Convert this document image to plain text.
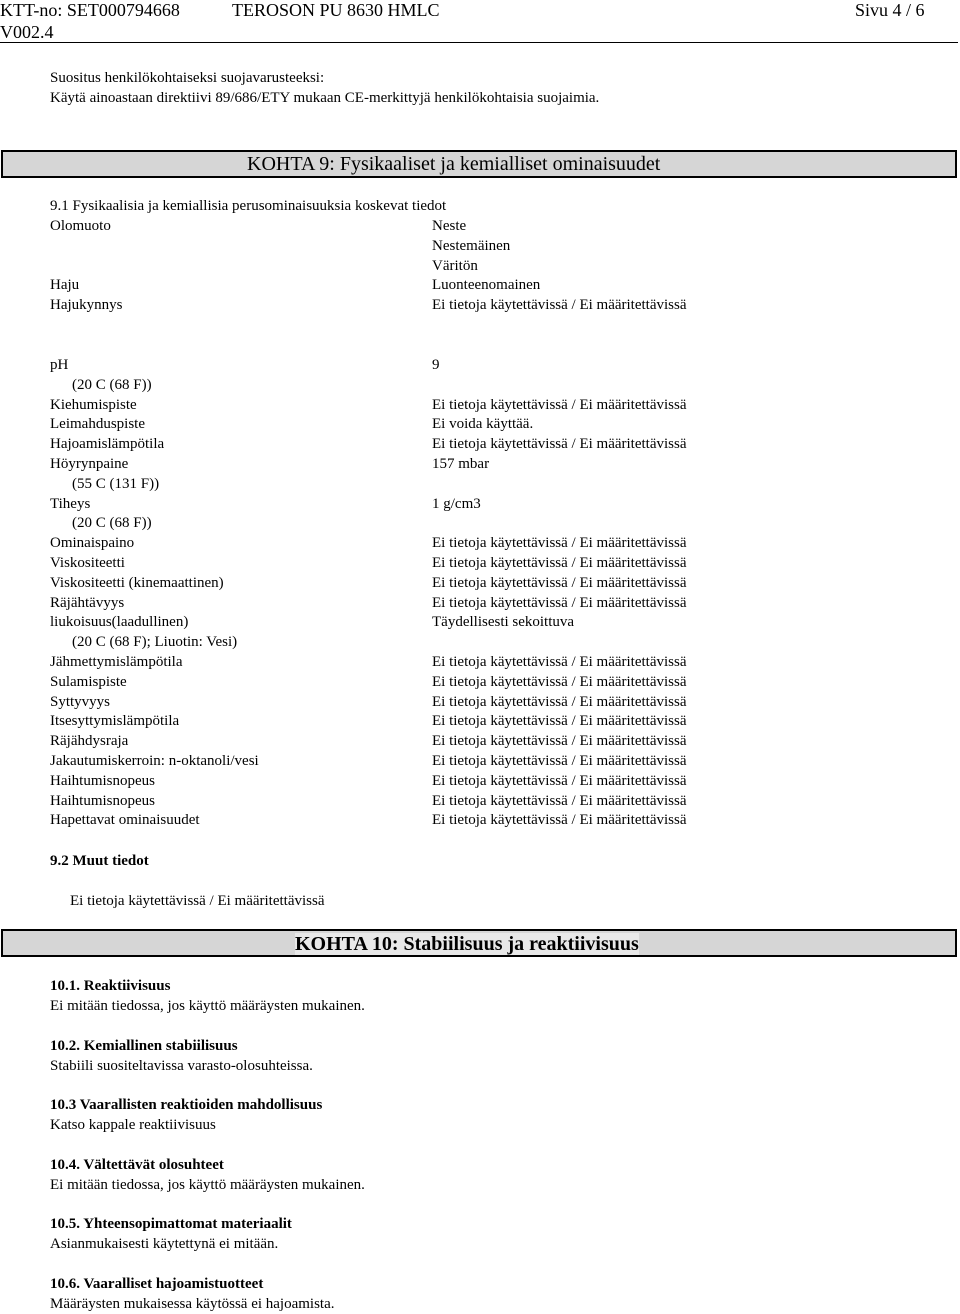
KTT-no: SET000794668	TEROSON PU 8630 HMLC	Sivu 4 / 6
V002.4
Suositus henkilökohtaiseksi suojavarusteeksi:
Käytä ainoastaan direktiivi 89/686/ETY mukaan CE-merkittyjä henkilökohtaisia suojaimia.
KOHTA 9: Fysikaaliset ja kemialliset ominaisuudet
9.1 Fysikaalisia ja kemiallisia perusominaisuuksia koskevat tiedot
Olomuoto	Neste
Nestemäinen
Väritön
Haju	Luonteenomainen
Hajukynnys	Ei tietoja käytettävissä / Ei määritettävissä
pH	9
(20 C (68 F))
Kiehumispiste	Ei tietoja käytettävissä / Ei määritettävissä
Leimahduspiste	Ei voida käyttää.
Hajoamislämpötila	Ei tietoja käytettävissä / Ei määritettävissä
Höyrynpaine	157 mbar
(55 C (131 F))
Tiheys	1 g/cm3
(20 C (68 F))
Ominaispaino	Ei tietoja käytettävissä / Ei määritettävissä
Viskositeetti	Ei tietoja käytettävissä / Ei määritettävissä
Viskositeetti (kinemaattinen)	Ei tietoja käytettävissä / Ei määritettävissä
Räjähtävyys	Ei tietoja käytettävissä / Ei määritettävissä
liukoisuus(laadullinen)	Täydellisesti sekoittuva
(20 C (68 F); Liuotin: Vesi)
Jähmettymislämpötila	Ei tietoja käytettävissä / Ei määritettävissä
Sulamispiste	Ei tietoja käytettävissä / Ei määritettävissä
Syttyvyys	Ei tietoja käytettävissä / Ei määritettävissä
Itsesyttymislämpötila	Ei tietoja käytettävissä / Ei määritettävissä
Räjähdysraja	Ei tietoja käytettävissä / Ei määritettävissä
Jakautumiskerroin: n-oktanoli/vesi	Ei tietoja käytettävissä / Ei määritettävissä
Haihtumisnopeus	Ei tietoja käytettävissä / Ei määritettävissä
Haihtumisnopeus	Ei tietoja käytettävissä / Ei määritettävissä
Hapettavat ominaisuudet	Ei tietoja käytettävissä / Ei määritettävissä
9.2 Muut tiedot
Ei tietoja käytettävissä / Ei määritettävissä
KOHTA 10: Stabiilisuus ja reaktiivisuus
10.1. Reaktiivisuus
Ei mitään tiedossa, jos käyttö määräysten mukainen.
10.2. Kemiallinen stabiilisuus
Stabiili suositeltavissa varasto-olosuhteissa.
10.3 Vaarallisten reaktioiden mahdollisuus
Katso kappale reaktiivisuus
10.4. Vältettävät olosuhteet
Ei mitään tiedossa, jos käyttö määräysten mukainen.
10.5. Yhteensopimattomat materiaalit
Asianmukaisesti käytettynä ei mitään.
10.6. Vaaralliset hajoamistuotteet
Määräysten mukaisessa käytössä ei hajoamista.
